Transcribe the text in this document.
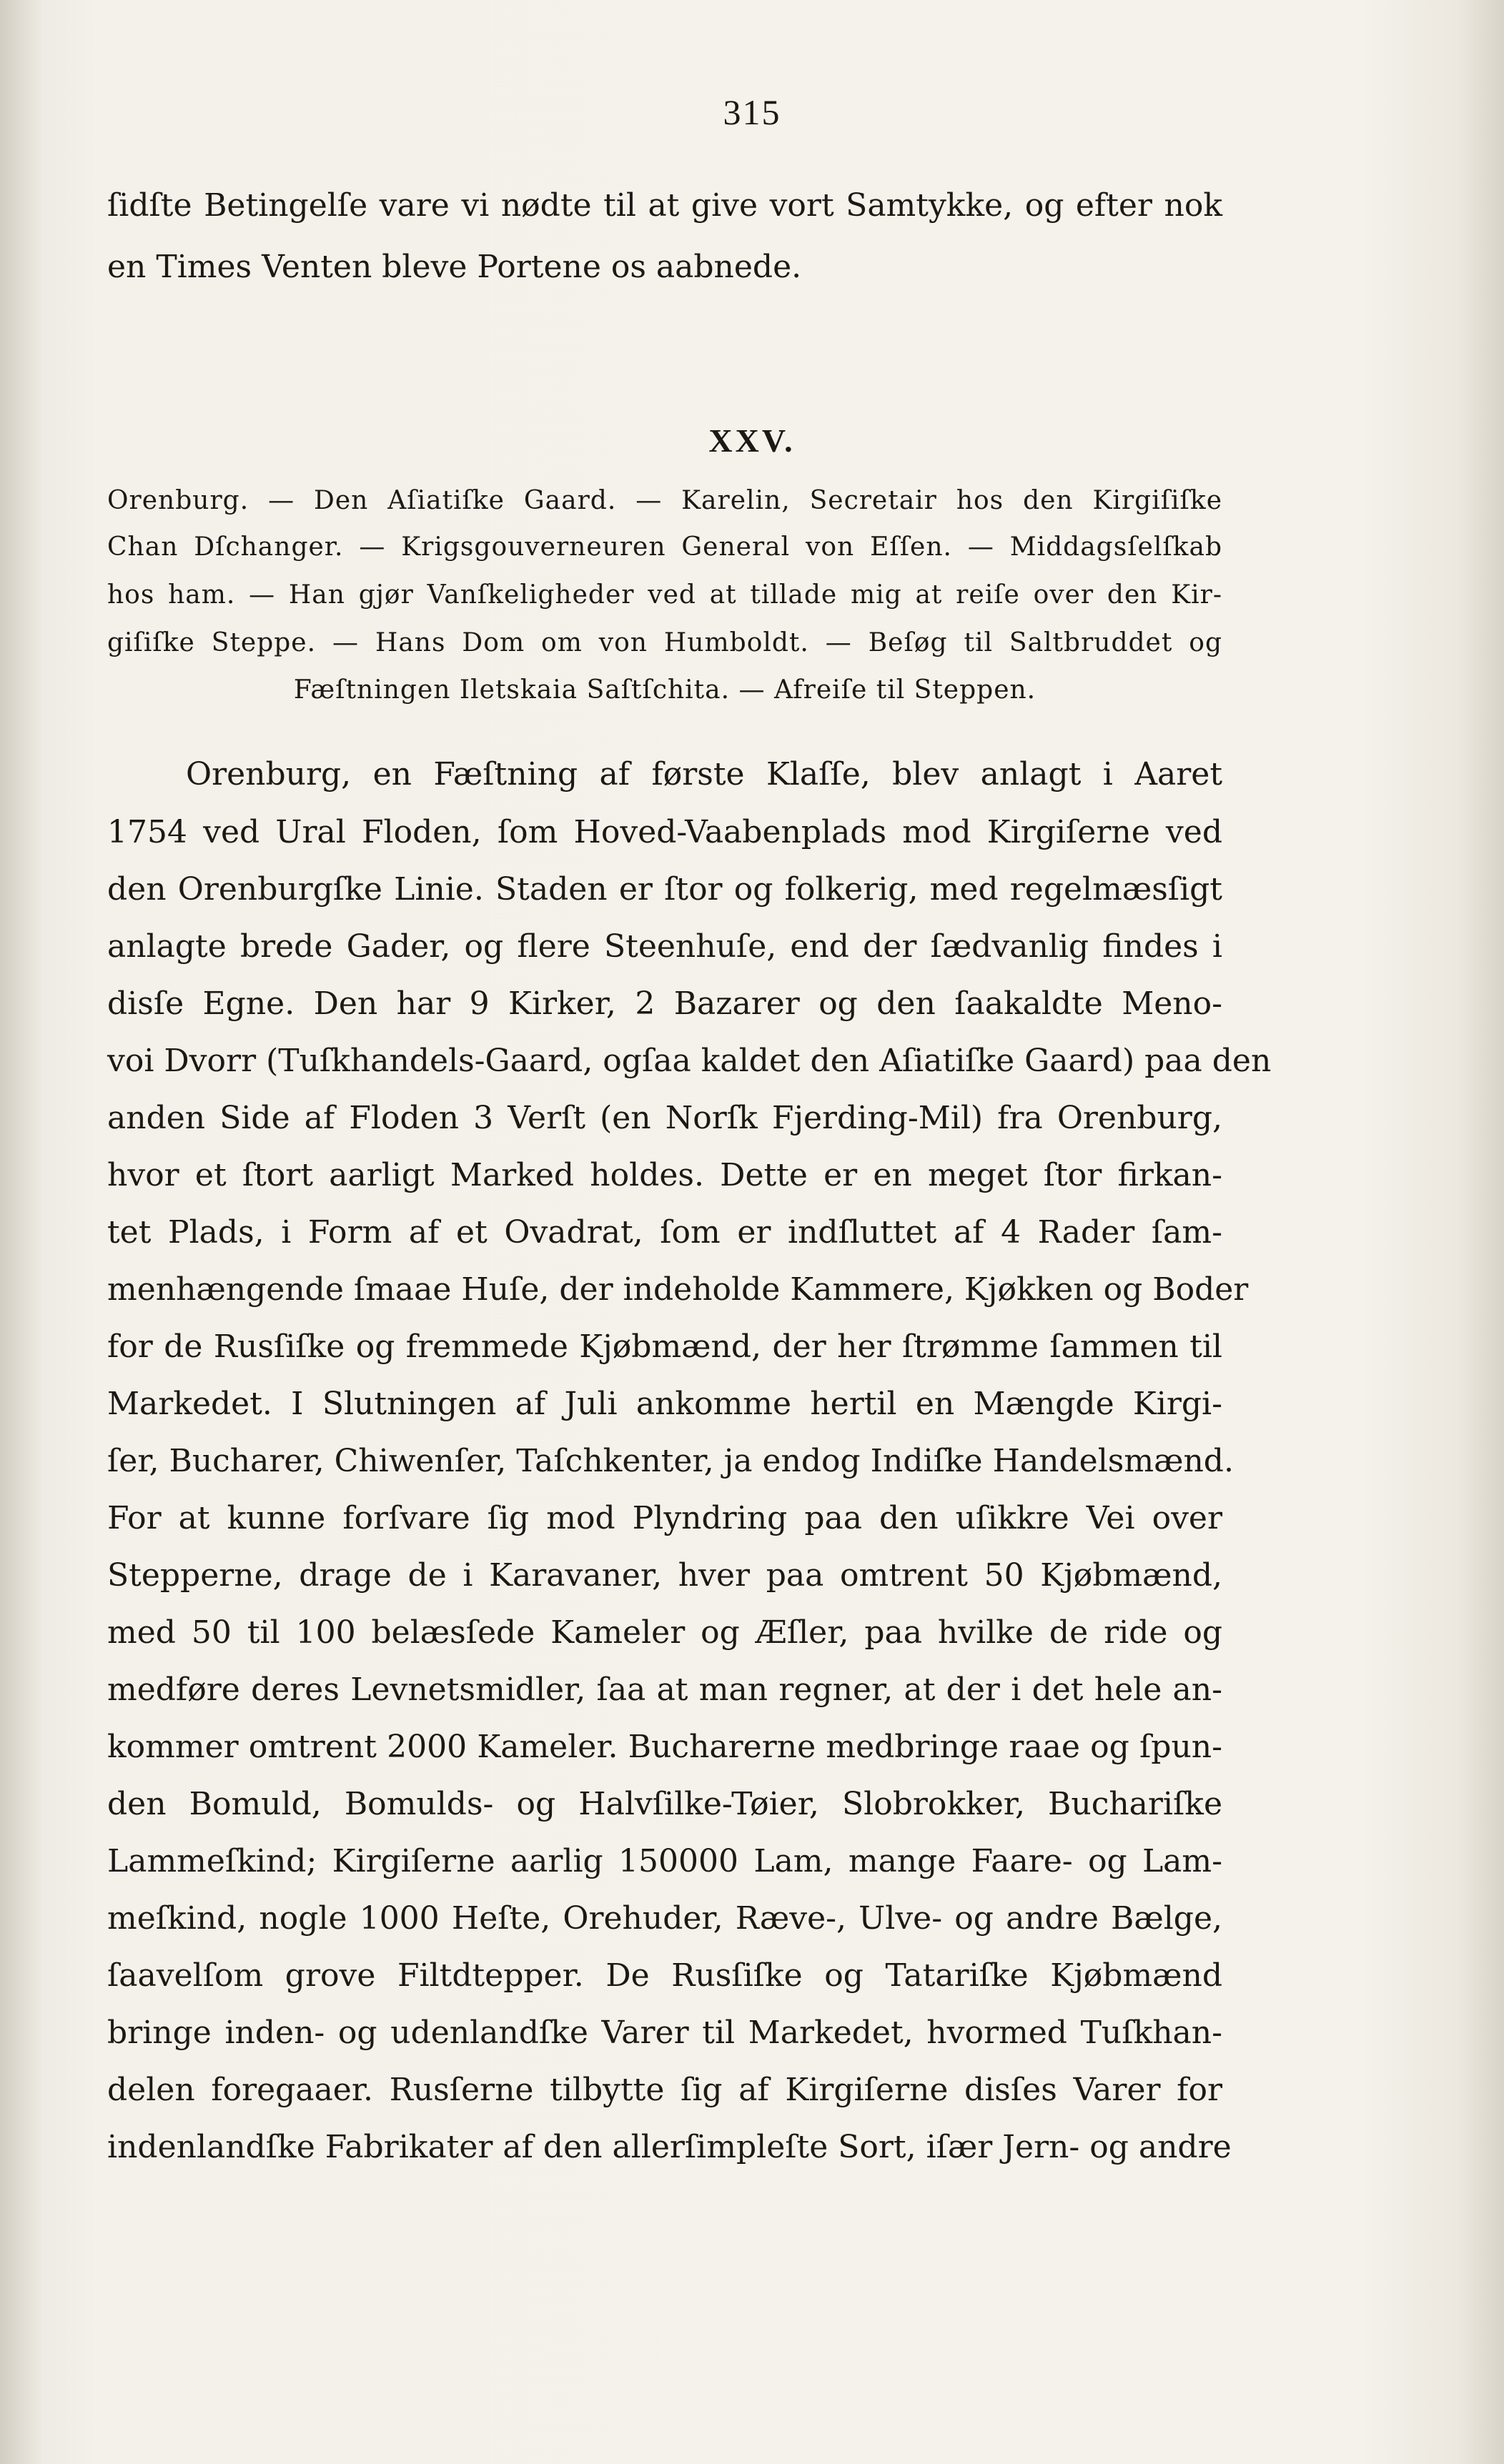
315
ſidſte Betingelſe vare vi nødte til at give vort Samtykke, og efter nok
en Times Venten bleve Portene os aabnede.
XXV.
Orenburg. — Den Aſiatiſke Gaard. — Karelin, Secretair hos den Kirgiſiſke
Chan Dſchanger. — Krigsgouverneuren General von Eſſen. — Middagsſelſkab
hos ham. — Han gjør Vanſkeligheder ved at tillade mig at reiſe over den Kir-
giſiſke Steppe. — Hans Dom om von Humboldt. — Beſøg til Saltbruddet og
Fæſtningen Iletskaia Saſtſchita. — Afreiſe til Steppen.
Orenburg, en Fæſtning af første Klaſſe, blev anlagt i Aaret
1754 ved Ural Floden, ſom Hoved-Vaabenplads mod Kirgiſerne ved
den Orenburgſke Linie. Staden er ſtor og folkerig, med regelmæsſigt
anlagte brede Gader, og flere Steenhuſe, end der ſædvanlig findes i
disſe Egne. Den har 9 Kirker, 2 Bazarer og den ſaakaldte Meno-
voi Dvorr (Tuſkhandels-Gaard, ogſaa kaldet den Aſiatiſke Gaard) paa den
anden Side af Floden 3 Verſt (en Norſk Fjerding-Mil) fra Orenburg,
hvor et ſtort aarligt Marked holdes. Dette er en meget ſtor firkan-
tet Plads, i Form af et Ovadrat, ſom er indſluttet af 4 Rader ſam-
menhængende ſmaae Huſe, der indeholde Kammere, Kjøkken og Boder
for de Rusſiſke og fremmede Kjøbmænd, der her ſtrømme ſammen til
Markedet. I Slutningen af Juli ankomme hertil en Mængde Kirgi-
ſer, Bucharer, Chiwenſer, Taſchkenter, ja endog Indiſke Handelsmænd.
For at kunne forſvare ſig mod Plyndring paa den uſikkre Vei over
Stepperne, drage de i Karavaner, hver paa omtrent 50 Kjøbmænd,
med 50 til 100 belæsſede Kameler og Æſler, paa hvilke de ride og
medføre deres Levnetsmidler, ſaa at man regner, at der i det hele an-
kommer omtrent 2000 Kameler. Bucharerne medbringe raae og ſpun-
den Bomuld, Bomulds- og Halvſilke-Tøier, Slobrokker, Buchariſke
Lammeſkind; Kirgiſerne aarlig 150000 Lam, mange Faare- og Lam-
meſkind, nogle 1000 Heſte, Orehuder, Ræve-, Ulve- og andre Bælge,
ſaavelſom grove Filtdtepper. De Rusſiſke og Tatariſke Kjøbmænd
bringe inden- og udenlandſke Varer til Markedet, hvormed Tuſkhan-
delen foregaaer. Rusſerne tilbytte ſig af Kirgiſerne disſes Varer for
indenlandſke Fabrikater af den allerſimpleſte Sort, iſær Jern- og andre
